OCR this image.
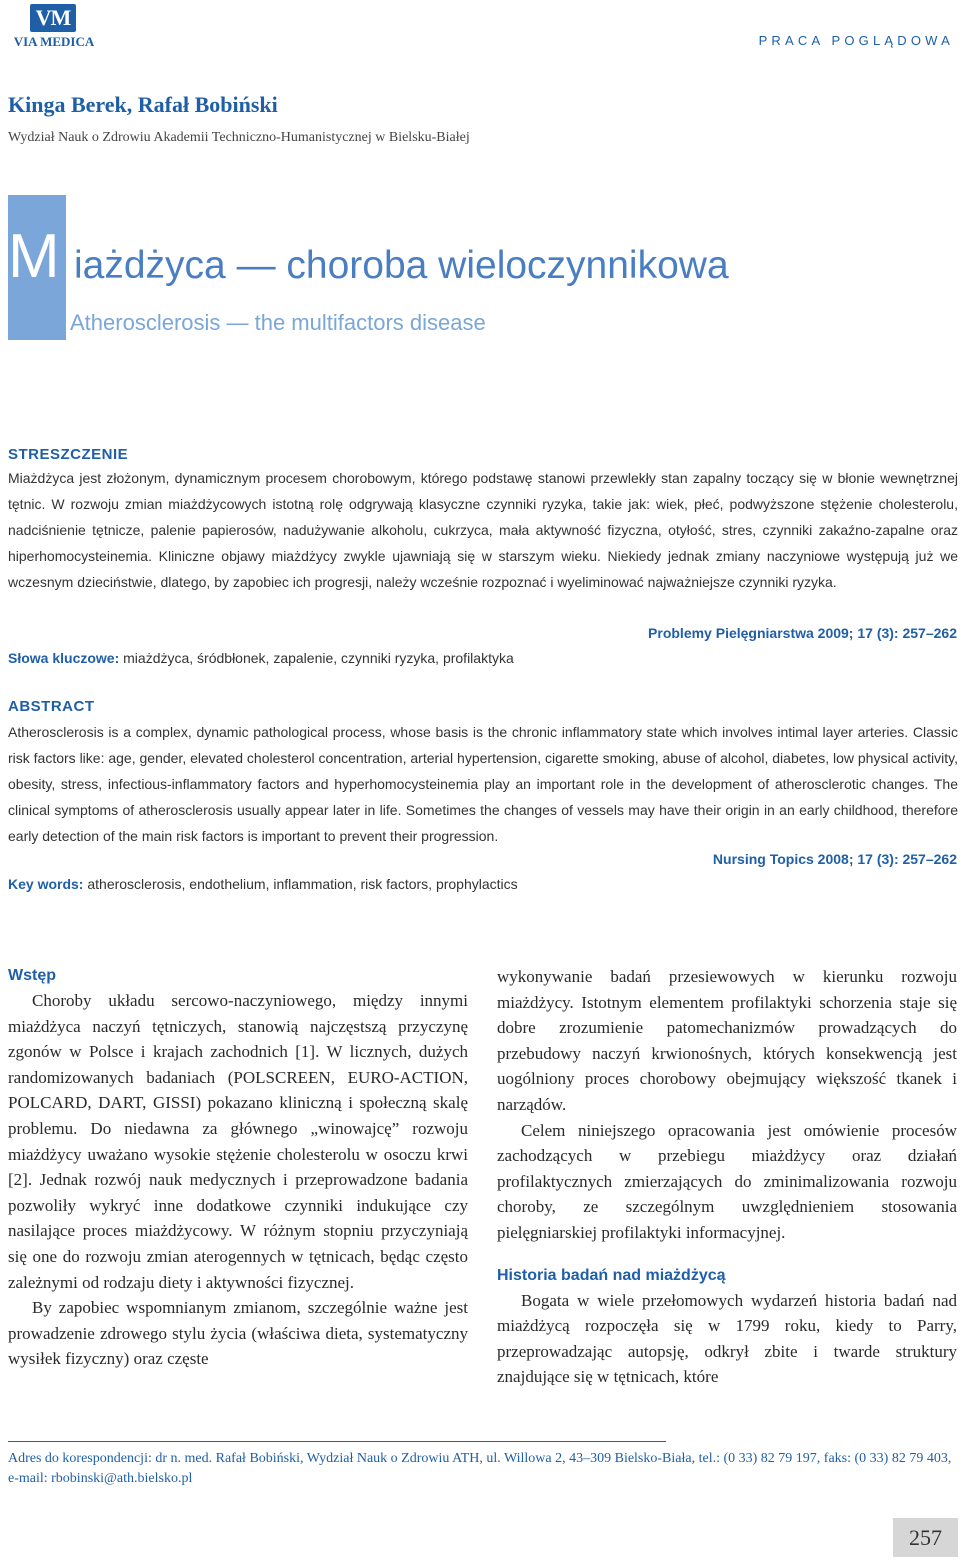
VM
VIA MEDICA	PRACA POGLĄDOWA
Kinga Berek, Rafał Bobiński
Wydział Nauk o Zdrowiu Akademii Techniczno-Humanistycznej w Bielsku-Białej
M iażdżyca — choroba wieloczynnikowa
Atherosclerosis — the multifactors disease
STRESZCZENIE
Miażdżyca jest złożonym, dynamicznym procesem chorobowym, którego podstawę stanowi przewlekły stan zapalny toczący się w błonie wewnętrznej tętnic. W rozwoju zmian miażdżycowych istotną rolę odgrywają klasyczne czynniki ryzyka, takie jak: wiek, płeć, podwyższone stężenie cholesterolu, nadciśnienie tętnicze, palenie papierosów, nadużywanie alkoholu, cukrzyca, mała aktywność fizyczna, otyłość, stres, czynniki zakaźno-zapalne oraz hiperhomocysteinemia. Kliniczne objawy miażdżycy zwykle ujawniają się w starszym wieku. Niekiedy jednak zmiany naczyniowe występują już we wczesnym dzieciństwie, dlatego, by zapobiec ich progresji, należy wcześnie rozpoznać i wyeliminować najważniejsze czynniki ryzyka.
Problemy Pielęgniarstwa 2009; 17 (3): 257–262
Słowa kluczowe: miażdżyca, śródbłonek, zapalenie, czynniki ryzyka, profilaktyka
ABSTRACT
Atherosclerosis is a complex, dynamic pathological process, whose basis is the chronic inflammatory state which involves intimal layer arteries. Classic risk factors like: age, gender, elevated cholesterol concentration, arterial hypertension, cigarette smoking, abuse of alcohol, diabetes, low physical activity, obesity, stress, infectious-inflammatory factors and hyperhomocysteinemia play an important role in the development of atherosclerotic changes. The clinical symptoms of atherosclerosis usually appear later in life. Sometimes the changes of vessels may have their origin in an early childhood, therefore early detection of the main risk factors is important to prevent their progression.
Nursing Topics 2008; 17 (3): 257–262
Key words: atherosclerosis, endothelium, inflammation, risk factors, prophylactics
Wstęp

Choroby układu sercowo-naczyniowego, między innymi miażdżyca naczyń tętniczych, stanowią najczęstszą przyczynę zgonów w Polsce i krajach zachodnich [1]. W licznych, dużych randomizowanych badaniach (POLSCREEN, EURO-ACTION, POLCARD, DART, GISSI) pokazano kliniczną i społeczną skalę problemu. Do niedawna za głównego „winowajcę” rozwoju miażdżycy uważano wysokie stężenie cholesterolu w osoczu krwi [2]. Jednak rozwój nauk medycznych i przeprowadzone badania pozwoliły wykryć inne dodatkowe czynniki indukujące czy nasilające proces miażdżycowy. W różnym stopniu przyczyniają się one do rozwoju zmian aterogennych w tętnicach, będąc często zależnymi od rodzaju diety i aktywności fizycznej.

By zapobiec wspomnianym zmianom, szczególnie ważne jest prowadzenie zdrowego stylu życia (właściwa dieta, systematyczny wysiłek fizyczny) oraz częste

wykonywanie badań przesiewowych w kierunku rozwoju miażdżycy. Istotnym elementem profilaktyki schorzenia staje się dobre zrozumienie patomechanizmów prowadzących do przebudowy naczyń krwionośnych, których konsekwencją jest uogólniony proces chorobowy obejmujący większość tkanek i narządów.

Celem niniejszego opracowania jest omówienie procesów zachodzących w przebiegu miażdżycy oraz działań profilaktycznych zmierzających do zminimalizowania rozwoju choroby, ze szczególnym uwzględnieniem stosowania pielęgniarskiej profilaktyki informacyjnej.

Historia badań nad miażdżycą

Bogata w wiele przełomowych wydarzeń historia badań nad miażdżycą rozpoczęła się w 1799 roku, kiedy to Parry, przeprowadzając autopsję, odkrył zbite i twarde struktury znajdujące się w tętnicach, które

Adres do korespondencji: dr n. med. Rafał Bobiński, Wydział Nauk o Zdrowiu ATH, ul. Willowa 2, 43–309 Bielsko-Biała, tel.: (0 33) 82 79 197, faks: (0 33) 82 79 403, e-mail: rbobinski@ath.bielsko.pl
257
